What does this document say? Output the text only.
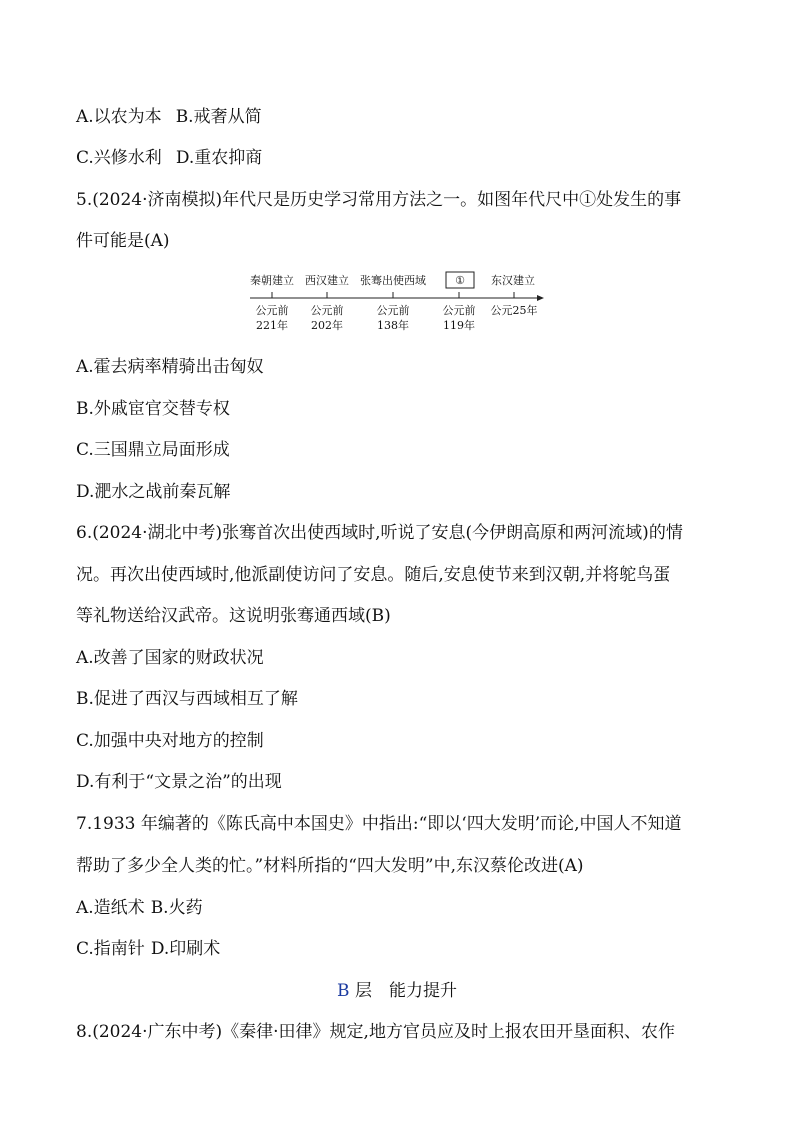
A.以农为本 B.戒奢从简
C.兴修水利 D.重农抑商
5.(2024·济南模拟)年代尺是历史学习常用方法之一。如图年代尺中①处发生的事
件可能是(A)
秦朝建立 西汉建立 张骞出使西域	① 东汉建立
公元前
221年
公元前
202年
公元前
138年
公元前
119年
公元25年
A.霍去病率精骑出击匈奴
B.外戚宦官交替专权
C.三国鼎立局面形成
D.淝水之战前秦瓦解
6.(2024·湖北中考)张骞首次出使西域时,听说了安息(今伊朗高原和两河流域)的情
况。再次出使西域时,他派副使访问了安息。随后,安息使节来到汉朝,并将鸵鸟蛋
等礼物送给汉武帝。这说明张骞通西域(B)
A.改善了国家的财政状况
B.促进了西汉与西域相互了解
C.加强中央对地方的控制
D.有利于“文景之治”的出现
7.1933 年编著的《陈氏高中本国史》中指出:“即以‘四大发明’而论,中国人不知道
帮助了多少全人类的忙。”材料所指的“四大发明”中,东汉蔡伦改进(A)
A.造纸术 B.火药
C.指南针 D.印刷术
B 层　能力提升
8.(2024·广东中考)《秦律·田律》规定,地方官员应及时上报农田开垦面积、农作
